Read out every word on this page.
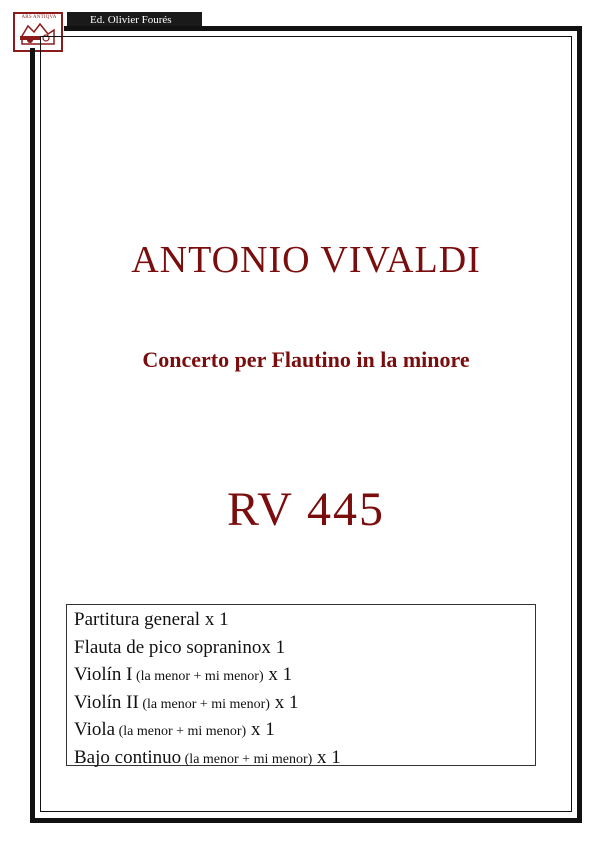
ARS ANTIQVA	Ed. Olivier Fourés
ANTONIO VIVALDI
Concerto per Flautino in la minore
RV 445
Partitura general x 1
Flauta de pico sopraninox 1
Violín I (la menor + mi menor) x 1
Violín II (la menor + mi menor) x 1
Viola (la menor + mi menor) x 1
Bajo continuo (la menor + mi menor) x 1
